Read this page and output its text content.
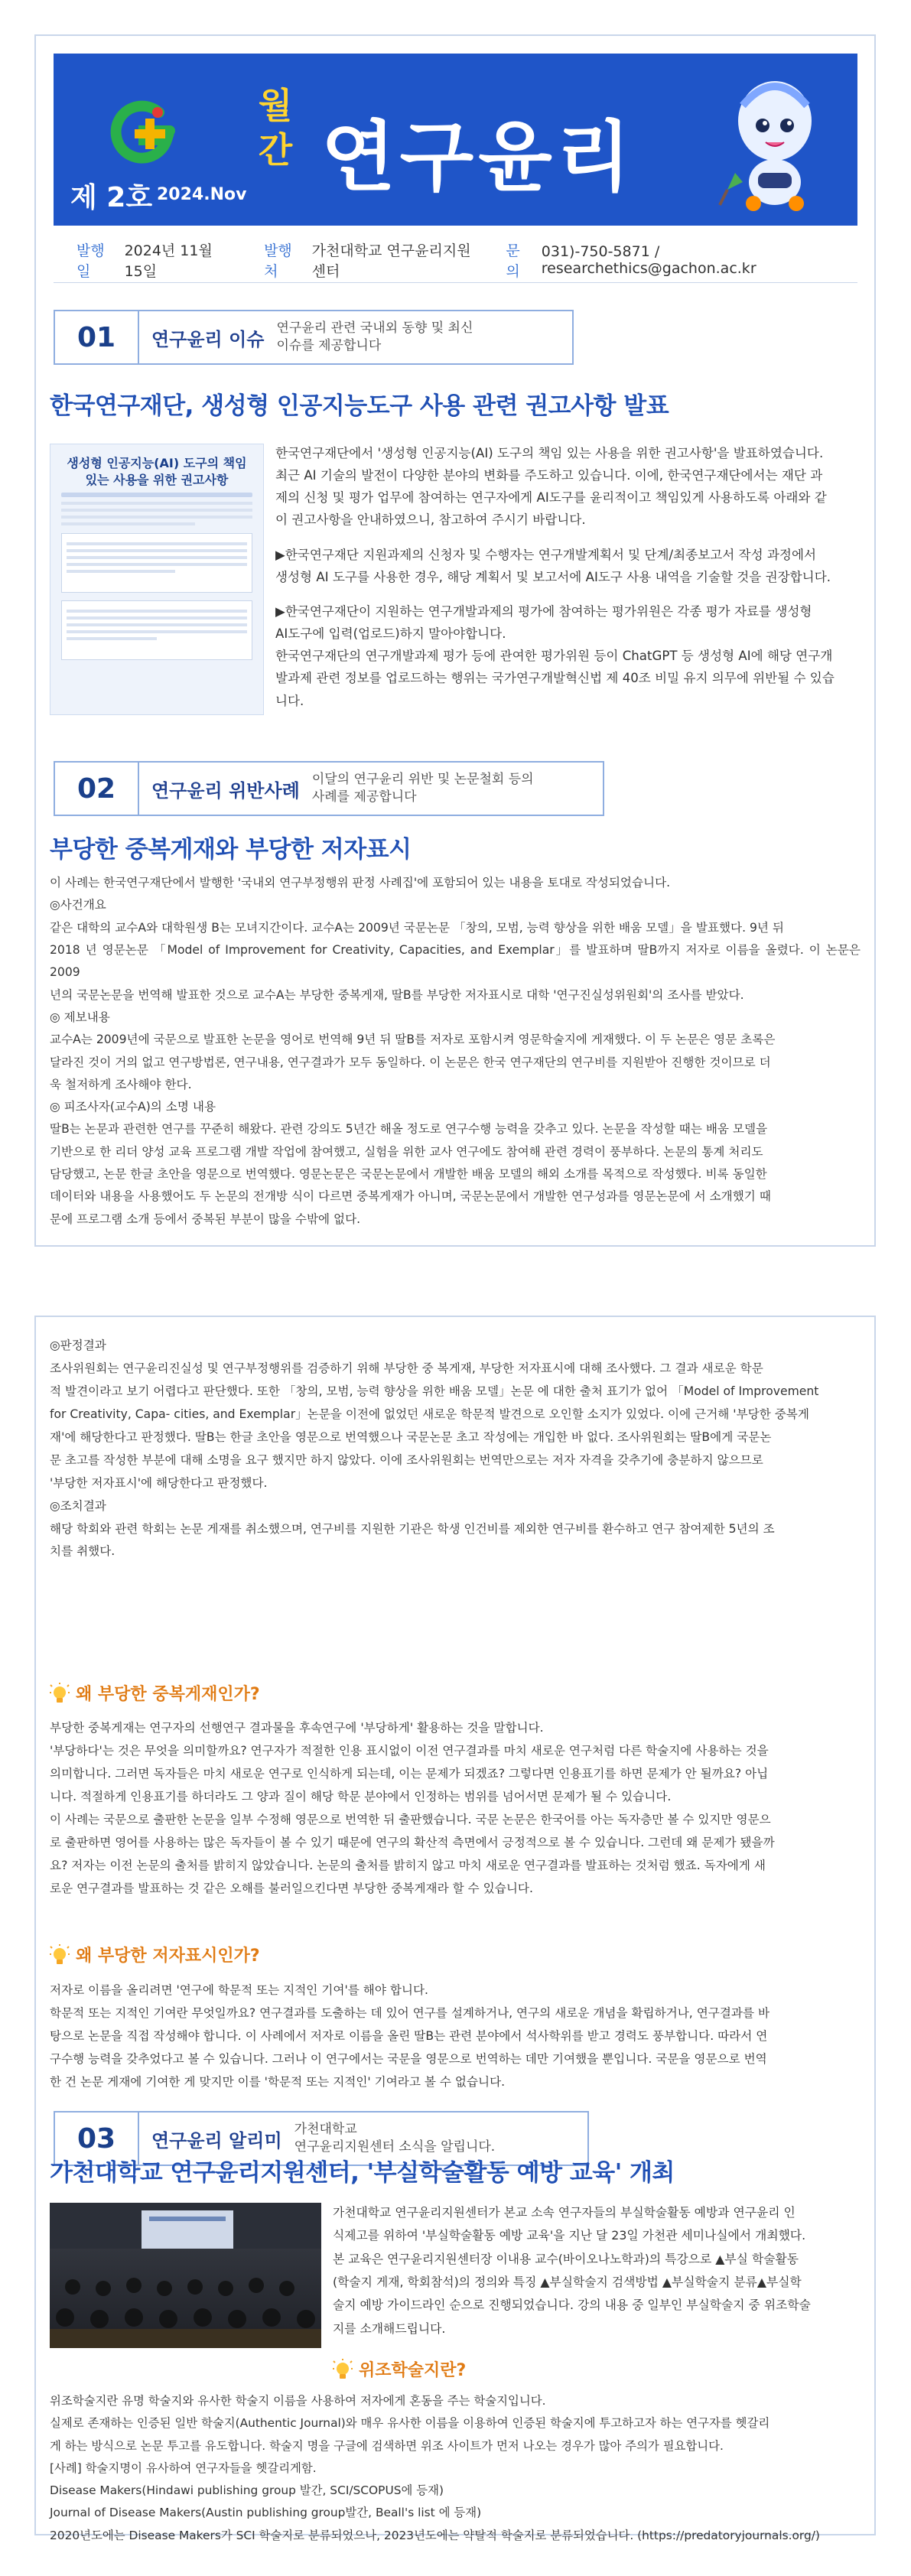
제 2호 2024.Nov
월간 연구윤리
발행일
2024년 11월 15일
발행처
가천대학교 연구윤리지원센터
문의
031)-750-5871 / researchethics@gachon.ac.kr
01	연구윤리 이슈
연구윤리 관련 국내외 동향 및 최신
이슈를 제공합니다
한국연구재단, 생성형 인공지능도구 사용 관련 권고사항 발표
생성형 인공지능(AI) 도구의 책임 있는 사용을 위한 권고사항
한국연구재단에서 '생성형 인공지능(AI) 도구의 책임 있는 사용을 위한 권고사항'을 발표하였습니다.
최근 AI 기술의 발전이 다양한 분야의 변화를 주도하고 있습니다. 이에, 한국연구재단에서는 재단 과
제의 신청 및 평가 업무에 참여하는 연구자에게 AI도구를 윤리적이고 책임있게 사용하도록 아래와 같
이 권고사항을 안내하였으니, 참고하여 주시기 바랍니다.
▶한국연구재단 지원과제의 신청자 및 수행자는 연구개발계획서 및 단계/최종보고서 작성 과정에서
생성형 AI 도구를 사용한 경우, 해당 계획서 및 보고서에 AI도구 사용 내역을 기술할 것을 권장합니다.
▶한국연구재단이 지원하는 연구개발과제의 평가에 참여하는 평가위원은 각종 평가 자료를 생성형
AI도구에 입력(업로드)하지 말아야합니다.
한국연구재단의 연구개발과제 평가 등에 관여한 평가위원 등이 ChatGPT 등 생성형 AI에 해당 연구개
발과제 관련 정보를 업로드하는 행위는 국가연구개발혁신법 제 40조 비밀 유지 의무에 위반될 수 있습
니다.
02	연구윤리 위반사례
이달의 연구윤리 위반 및 논문철회 등의
사례를 제공합니다
부당한 중복게재와 부당한 저자표시
이 사례는 한국연구재단에서 발행한 '국내외 연구부정행위 판정 사례집'에 포함되어 있는 내용을 토대로 작성되었습니다.
◎사건개요
같은 대학의 교수A와 대학원생 B는 모녀지간이다. 교수A는 2009년 국문논문 「창의, 모범, 능력 향상을 위한 배움 모델」을 발표했다. 9년 뒤
2018 년 영문논문 「Model of Improvement for Creativity, Capacities, and Exemplar」를 발표하며 딸B까지 저자로 이름을 올렸다. 이 논문은 2009
년의 국문논문을 번역해 발표한 것으로 교수A는 부당한 중복게재, 딸B를 부당한 저자표시로 대학 '연구진실성위원회'의 조사를 받았다.
◎ 제보내용
교수A는 2009년에 국문으로 발표한 논문을 영어로 번역해 9년 뒤 딸B를 저자로 포함시켜 영문학술지에 게재했다. 이 두 논문은 영문 초록은
달라진 것이 거의 없고 연구방법론, 연구내용, 연구결과가 모두 동일하다. 이 논문은 한국 연구재단의 연구비를 지원받아 진행한 것이므로 더
욱 철저하게 조사해야 한다.
◎ 피조사자(교수A)의 소명 내용
딸B는 논문과 관련한 연구를 꾸준히 해왔다. 관련 강의도 5년간 해올 정도로 연구수행 능력을 갖추고 있다. 논문을 작성할 때는 배움 모델을
기반으로 한 리더 양성 교육 프로그램 개발 작업에 참여했고, 실험을 위한 교사 연구에도 참여해 관련 경력이 풍부하다. 논문의 통계 처리도
담당했고, 논문 한글 초안을 영문으로 번역했다. 영문논문은 국문논문에서 개발한 배움 모델의 해외 소개를 목적으로 작성했다. 비록 동일한
데이터와 내용을 사용했어도 두 논문의 전개방 식이 다르면 중복게재가 아니며, 국문논문에서 개발한 연구성과를 영문논문에 서 소개했기 때
문에 프로그램 소개 등에서 중복된 부분이 많을 수밖에 없다.
◎판정결과
조사위원회는 연구윤리진실성 및 연구부정행위를 검증하기 위해 부당한 중 복게재, 부당한 저자표시에 대해 조사했다. 그 결과 새로운 학문
적 발견이라고 보기 어렵다고 판단했다. 또한 「창의, 모범, 능력 향상을 위한 배움 모델」논문 에 대한 출처 표기가 없어 「Model of Improvement
for Creativity, Capa- cities, and Exemplar」논문을 이전에 없었던 새로운 학문적 발견으로 오인할 소지가 있었다. 이에 근거해 '부당한 중복게
재'에 해당한다고 판정했다. 딸B는 한글 초안을 영문으로 번역했으나 국문논문 초고 작성에는 개입한 바 없다. 조사위원회는 딸B에게 국문논
문 초고를 작성한 부분에 대해 소명을 요구 했지만 하지 않았다. 이에 조사위원회는 번역만으로는 저자 자격을 갖추기에 충분하지 않으므로
'부당한 저자표시'에 해당한다고 판정했다.
◎조치결과
해당 학회와 관련 학회는 논문 게재를 취소했으며, 연구비를 지원한 기관은 학생 인건비를 제외한 연구비를 환수하고 연구 참여제한 5년의 조
치를 취했다.
왜 부당한 중복게재인가?
부당한 중복게재는 연구자의 선행연구 결과물을 후속연구에 '부당하게' 활용하는 것을 말합니다.
'부당하다'는 것은 무엇을 의미할까요? 연구자가 적절한 인용 표시없이 이전 연구결과를 마치 새로운 연구처럼 다른 학술지에 사용하는 것을
의미합니다. 그러면 독자들은 마치 새로운 연구로 인식하게 되는데, 이는 문제가 되겠죠? 그렇다면 인용표기를 하면 문제가 안 될까요? 아닙
니다. 적절하게 인용표기를 하더라도 그 양과 질이 해당 학문 분야에서 인정하는 범위를 넘어서면 문제가 될 수 있습니다.
이 사례는 국문으로 출판한 논문을 일부 수정해 영문으로 번역한 뒤 출판했습니다. 국문 논문은 한국어를 아는 독자층만 볼 수 있지만 영문으
로 출판하면 영어를 사용하는 많은 독자들이 볼 수 있기 때문에 연구의 확산적 측면에서 긍정적으로 볼 수 있습니다. 그런데 왜 문제가 됐을까
요? 저자는 이전 논문의 출처를 밝히지 않았습니다. 논문의 출처를 밝히지 않고 마치 새로운 연구결과를 발표하는 것처럼 했죠. 독자에게 새
로운 연구결과를 발표하는 것 같은 오해를 불러일으킨다면 부당한 중복게재라 할 수 있습니다.
왜 부당한 저자표시인가?
저자로 이름을 올리려면 '연구에 학문적 또는 지적인 기여'를 해야 합니다.
학문적 또는 지적인 기여란 무엇일까요? 연구결과를 도출하는 데 있어 연구를 설계하거나, 연구의 새로운 개념을 확립하거나, 연구결과를 바
탕으로 논문을 직접 작성해야 합니다. 이 사례에서 저자로 이름을 올린 딸B는 관련 분야에서 석사학위를 받고 경력도 풍부합니다. 따라서 연
구수행 능력을 갖추었다고 볼 수 있습니다. 그러나 이 연구에서는 국문을 영문으로 번역하는 데만 기여했을 뿐입니다. 국문을 영문으로 번역
한 건 논문 게재에 기여한 게 맞지만 이를 '학문적 또는 지적인' 기여라고 볼 수 없습니다.
03	연구윤리 알리미
가천대학교
연구윤리지원센터 소식을 알립니다.
가천대학교 연구윤리지원센터, '부실학술활동 예방 교육' 개최
가천대학교 연구윤리지원센터가 본교 소속 연구자들의 부실학술활동 예방과 연구윤리 인
식제고를 위하여 '부실학술활동 예방 교육'을 지난 달 23일 가천관 세미나실에서 개최했다.
본 교육은 연구윤리지원센터장 이내용 교수(바이오나노학과)의 특강으로 ▲부실 학술활동
(학술지 게재, 학회참석)의 정의와 특징 ▲부실학술지 검색방법 ▲부실학술지 분류▲부실학
술지 예방 가이드라인 순으로 진행되었습니다. 강의 내용 중 일부인 부실학술지 중 위조학술
지를 소개해드립니다.
위조학술지란?
위조학술지란 유명 학술지와 유사한 학술지 이름을 사용하여 저자에게 혼동을 주는 학술지입니다.
실제로 존재하는 인증된 일반 학술지(Authentic Journal)와 매우 유사한 이름을 이용하여 인증된 학술지에 투고하고자 하는 연구자를 헷갈리
게 하는 방식으로 논문 투고를 유도합니다. 학술지 명을 구글에 검색하면 위조 사이트가 먼저 나오는 경우가 많아 주의가 필요합니다.
[사례] 학술지명이 유사하여 연구자들을 헷갈리게함.
Disease Makers(Hindawi publishing group 발간, SCI/SCOPUS에 등재)
Journal of Disease Makers(Austin publishing group발간, Beall's list 에 등재)
2020년도에는 Disease Makers가 SCI 학술지로 분류되었으나, 2023년도에는 약탈적 학술지로 분류되었습니다. (https://predatoryjournals.org/)
